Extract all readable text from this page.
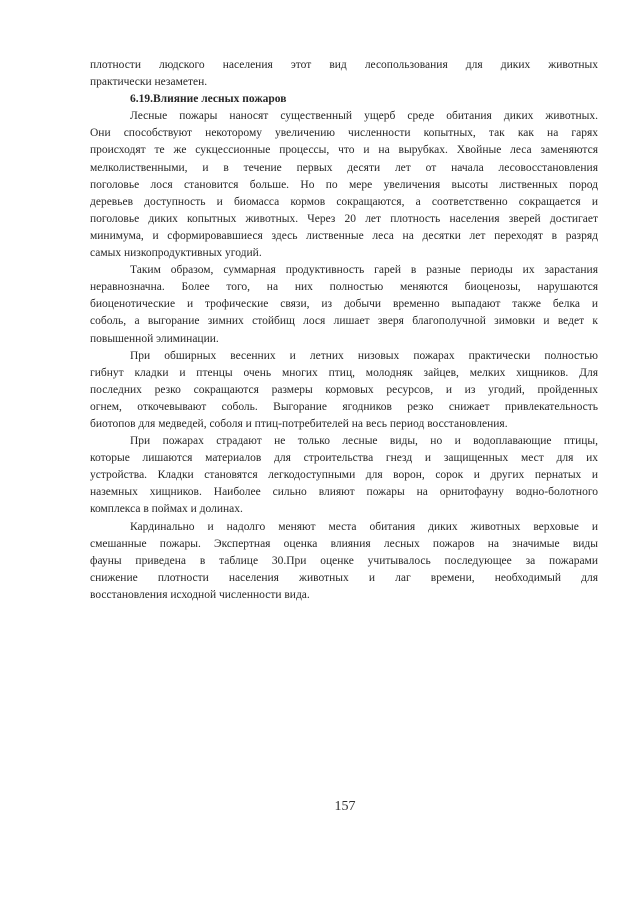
плотности людского населения этот вид лесопользования для диких животных
практически незаметен.
6.19.Влияние лесных пожаров
Лесные пожары наносят существенный ущерб среде обитания диких животных.
Они способствуют некоторому увеличению численности копытных, так как на гарях
происходят те же сукцессионные процессы, что и на вырубках. Хвойные леса заменяются
мелколиственными, и в течение первых десяти лет от начала лесовосстановления
поголовье лося становится больше. Но по мере увеличения высоты лиственных пород
деревьев доступность и биомасса кормов сокращаются, а соответственно сокращается и
поголовье диких копытных животных. Через 20 лет плотность населения зверей достигает
минимума, и сформировавшиеся здесь лиственные леса на десятки лет переходят в разряд
самых низкопродуктивных угодий.
Таким образом, суммарная продуктивность гарей в разные периоды их зарастания
неравнозначна. Более того, на них полностью меняются биоценозы, нарушаются
биоценотические и трофические связи, из добычи временно выпадают также белка и
соболь, а выгорание зимних стойбищ лося лишает зверя благополучной зимовки и ведет к
повышенной элиминации.
При обширных весенних и летних низовых пожарах практически полностью
гибнут кладки и птенцы очень многих птиц, молодняк зайцев, мелких хищников. Для
последних резко сокращаются размеры кормовых ресурсов, и из угодий, пройденных
огнем, откочевывают соболь. Выгорание ягодников резко снижает привлекательность
биотопов для медведей, соболя и птиц-потребителей на весь период восстановления.
При пожарах страдают не только лесные виды, но и водоплавающие птицы,
которые лишаются материалов для строительства гнезд и защищенных мест для их
устройства. Кладки становятся легкодоступными для ворон, сорок и других пернатых и
наземных хищников. Наиболее сильно влияют пожары на орнитофауну водно-болотного
комплекса в поймах и долинах.
Кардинально и надолго меняют места обитания диких животных верховые и
смешанные пожары. Экспертная оценка влияния лесных пожаров на значимые виды
фауны приведена в таблице 30.При оценке учитывалось последующее за пожарами
снижение плотности населения животных и лаг времени, необходимый для
восстановления исходной численности вида.
157
